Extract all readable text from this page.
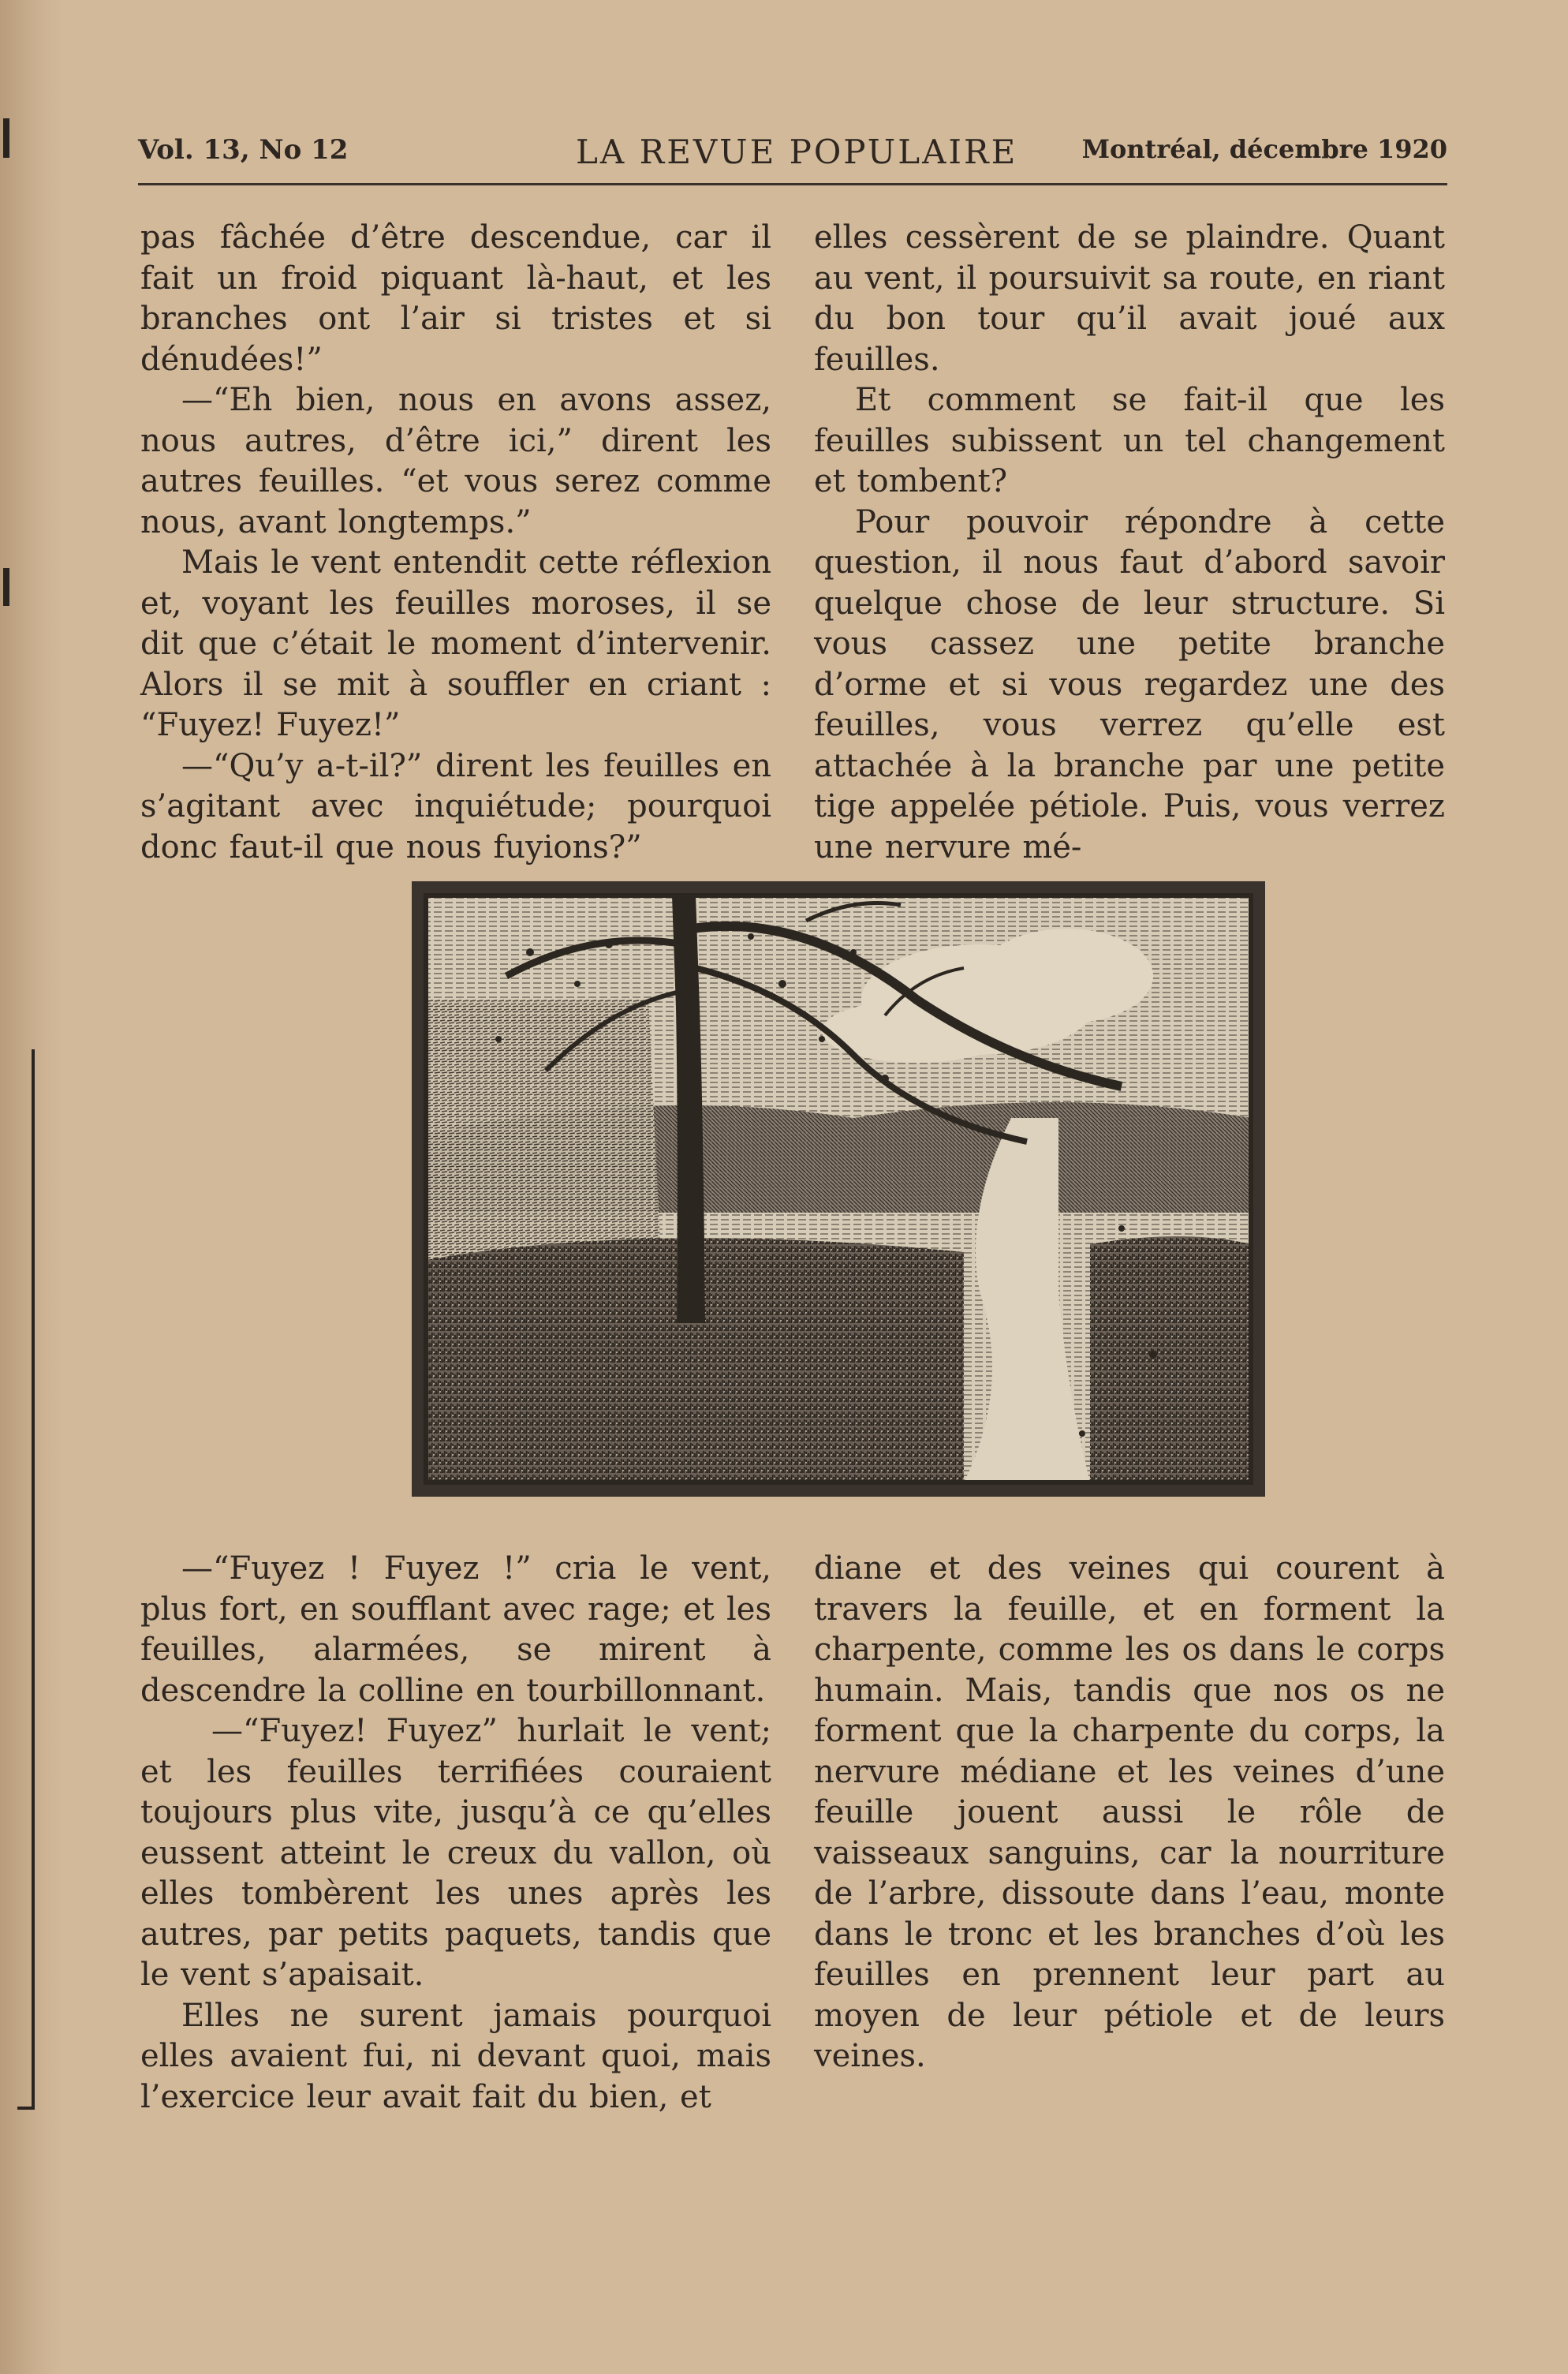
Vol. 13, No 12	LA REVUE POPULAIRE	Montréal, décembre 1920

pas fâchée d’être descendue, car il fait un froid piquant là-haut, et les branches ont l’air si tristes et si dénudées!”

—“Eh bien, nous en avons assez, nous autres, d’être ici,” dirent les autres feuilles. “et vous serez comme nous, avant longtemps.”

Mais le vent entendit cette réflexion et, voyant les feuilles moroses, il se dit que c’était le moment d’intervenir. Alors il se mit à souffler en criant : “Fuyez! Fuyez!”

—“Qu’y a-t-il?” dirent les feuilles en s’agitant avec inquiétude; pourquoi donc faut-il que nous fuyions?”

elles cessèrent de se plaindre. Quant au vent, il poursuivit sa route, en riant du bon tour qu’il avait joué aux feuilles.

Et comment se fait-il que les feuilles subissent un tel changement et tombent?

Pour pouvoir répondre à cette question, il nous faut d’abord savoir quelque chose de leur structure. Si vous cassez une petite branche d’orme et si vous regardez une des feuilles, vous verrez qu’elle est attachée à la branche par une petite tige appelée pétiole. Puis, vous verrez une nervure mé-

—“Fuyez ! Fuyez !” cria le vent, plus fort, en soufflant avec rage; et les feuilles, alarmées, se mirent à descendre la colline en tourbillonnant.

—“Fuyez! Fuyez” hurlait le vent; et les feuilles terrifiées couraient toujours plus vite, jusqu’à ce qu’elles eussent atteint le creux du vallon, où elles tombèrent les unes après les autres, par petits paquets, tandis que le vent s’apaisait.

Elles ne surent jamais pourquoi elles avaient fui, ni devant quoi, mais l’exercice leur avait fait du bien, et

diane et des veines qui courent à travers la feuille, et en forment la charpente, comme les os dans le corps humain. Mais, tandis que nos os ne forment que la charpente du corps, la nervure médiane et les veines d’une feuille jouent aussi le rôle de vaisseaux sanguins, car la nourriture de l’arbre, dissoute dans l’eau, monte dans le tronc et les branches d’où les feuilles en prennent leur part au moyen de leur pétiole et de leurs veines.
